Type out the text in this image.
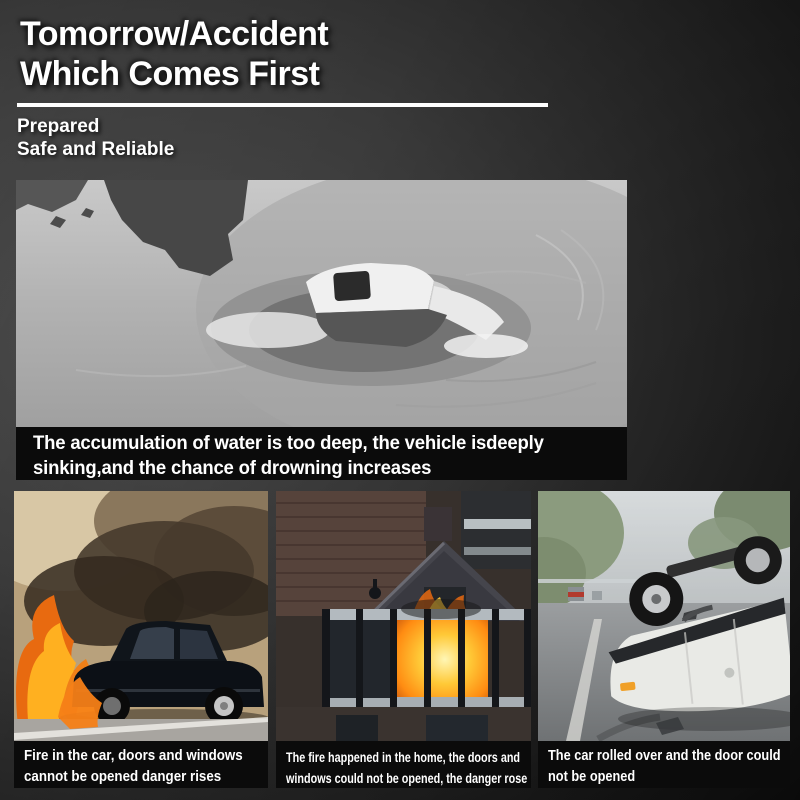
Tomorrow/Accident
Which Comes First
Prepared
Safe and Reliable
The accumulation of water is too deep, the vehicle isdeeply
sinking,and the chance of drowning increases
Fire in the car, doors and windows
cannot be opened danger rises
The fire happened in the home, the doors and
windows could not be opened, the danger rose
The car rolled over and the door could
not be opened
